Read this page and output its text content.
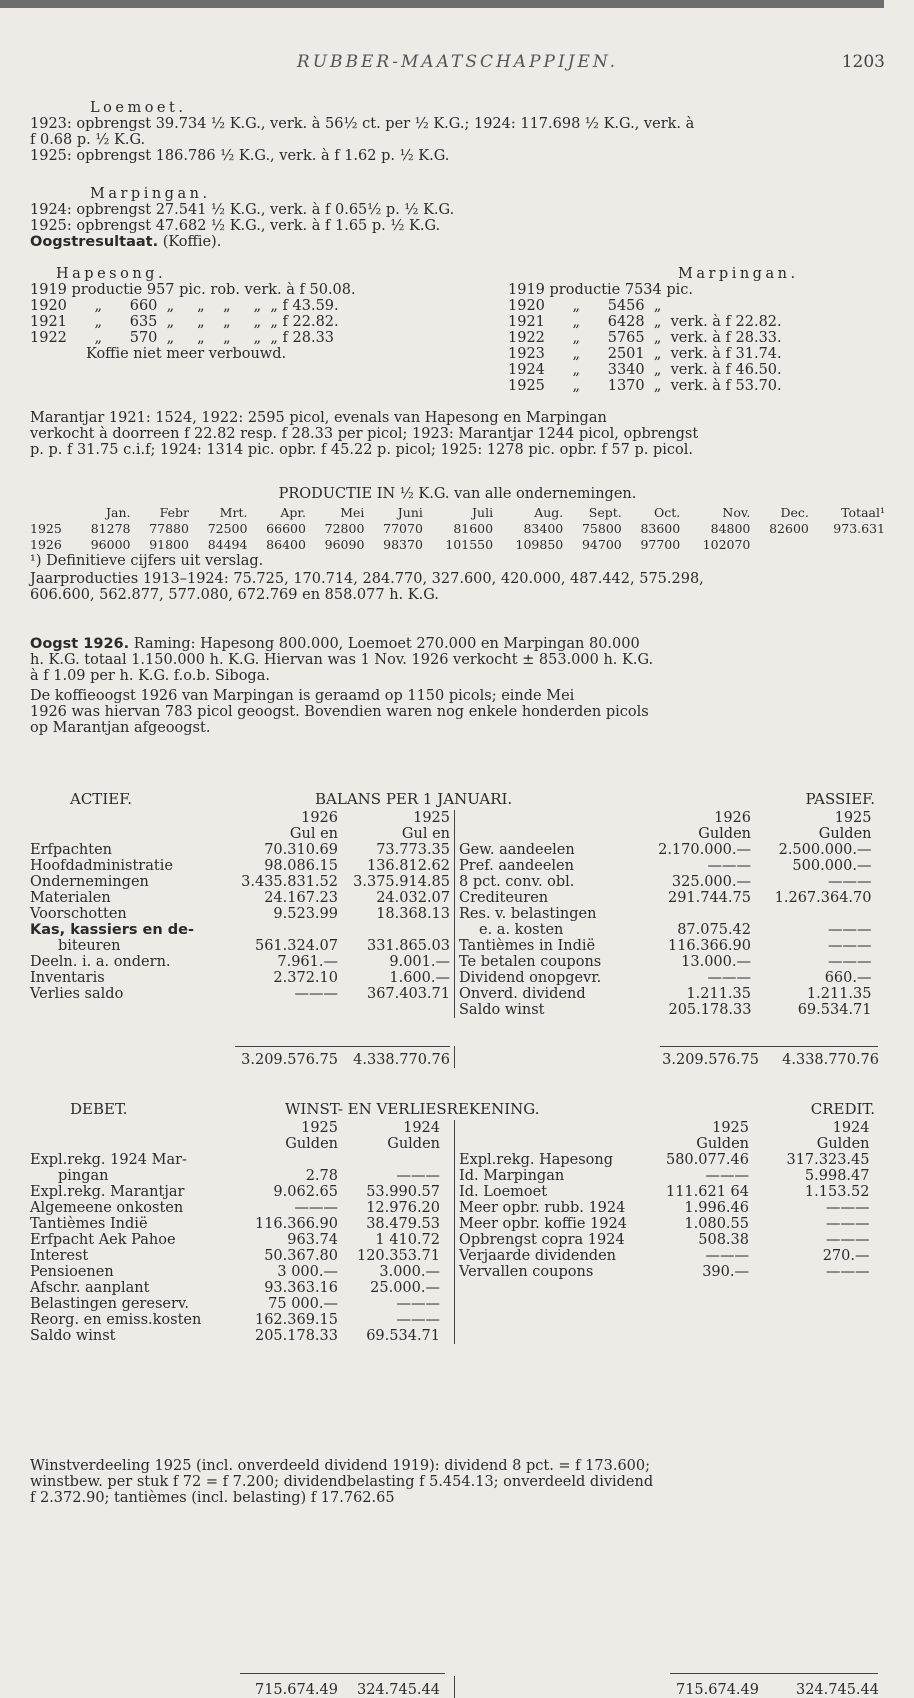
RUBBER-MAATSCHAPPIJEN.	1203
Loemoet.
1923: opbrengst 39.734 ½ K.G., verk. à 56½ ct. per ½ K.G.; 1924: 117.698 ½ K.G., verk. à
f 0.68 p. ½ K.G.
1925: opbrengst 186.786 ½ K.G., verk. à f 1.62 p. ½ K.G.
Marpingan.
1924: opbrengst 27.541 ½ K.G., verk. à f 0.65½ p. ½ K.G.
1925: opbrengst 47.682 ½ K.G., verk. à f 1.65 p. ½ K.G.
Oogstresultaat. (Koffie).
Hapesong.
1919 productie 957 pic. rob. verk. à f 50.08.
1920      „      660  „     „    „     „  „ f 43.59.
1921      „      635  „     „    „     „  „ f 22.82.
1922      „      570  „     „    „     „  „ f 28.33
Koffie niet meer verbouwd.
Marpingan.
1919 productie 7534 pic.
1920      „      5456  „
1921      „      6428  „  verk. à f 22.82.
1922      „      5765  „  verk. à f 28.33.
1923      „      2501  „  verk. à f 31.74.
1924      „      3340  „  verk. à f 46.50.
1925      „      1370  „  verk. à f 53.70.
Marantjar 1921: 1524, 1922: 2595 picol, evenals van Hapesong en Marpingan
verkocht à doorreen f 22.82 resp. f 28.33 per picol; 1923: Marantjar 1244 picol, opbrengst
p. p. f 31.75 c.i.f; 1924: 1314 pic. opbr. f 45.22 p. picol; 1925: 1278 pic. opbr. f 57 p. picol.
PRODUCTIE IN ½ K.G. van alle ondernemingen.
	Jan.	Febr	Mrt.	Apr.	Mei	Juni	Juli	Aug.	Sept.	Oct.	Nov.	Dec.	Totaal¹
1925	81278	77880	72500	66600	72800	77070	81600	83400	75800	83600	84800	82600	973.631
1926	96000	91800	84494	86400	96090	98370	101550	109850	94700	97700	102070		
¹) Definitieve cijfers uit verslag.
Jaarproducties 1913–1924: 75.725, 170.714, 284.770, 327.600, 420.000, 487.442, 575.298,
606.600, 562.877, 577.080, 672.769 en 858.077 h. K.G.
Oogst 1926. Raming: Hapesong 800.000, Loemoet 270.000 en Marpingan 80.000
h. K.G. totaal 1.150.000 h. K.G. Hiervan was 1 Nov. 1926 verkocht ± 853.000 h. K.G.
à f 1.09 per h. K.G. f.o.b. Siboga.
De koffieoogst 1926 van Marpingan is geraamd op 1150 picols; einde Mei
1926 was hiervan 783 picol geoogst. Bovendien waren nog enkele honderden picols
op Marantjan afgeoogst.
ACTIEF.	BALANS PER 1 JANUARI.	PASSIEF.
	1926	1925
	Gul en	Gul en
Erfpachten	70.310.69	73.773.35
Hoofdadministratie	98.086.15	136.812.62
Ondernemingen	3.435.831.52	3.375.914.85
Materialen	24.167.23	24.032.07
Voorschotten	9.523.99	18.368.13
Kas, kassiers en de-		
biteuren	561.324.07	331.865.03
Deeln. i. a. ondern.	7.961.—	9.001.—
Inventaris	2.372.10	1.600.—
Verlies saldo	———	367.403.71
	1926	1925
	Gulden	Gulden
Gew. aandeelen	2.170.000.—	2.500.000.—
Pref. aandeelen	———	500.000.—
8 pct. conv. obl.	325.000.—	———
Crediteuren	291.744.75	1.267.364.70
Res. v. belastingen		
e. a. kosten	87.075.42	———
Tantièmes in Indië	116.366.90	———
Te betalen coupons	13.000.—	———
Dividend onopgevr.	———	660.—
Onverd. dividend	1.211.35	1.211.35
Saldo winst	205.178.33	69.534.71
3.209.576.75 4.338.770.76	3.209.576.75 4.338.770.76
DEBET.	WINST- EN VERLIESREKENING.	CREDIT.
	1925	1924
	Gulden	Gulden
Expl.rekg. 1924 Mar-		
pingan	2.78	———
Expl.rekg. Marantjar	9.062.65	53.990.57
Algemeene onkosten	———	12.976.20
Tantièmes Indië	116.366.90	38.479.53
Erfpacht Aek Pahoe	963.74	1 410.72
Interest	50.367.80	120.353.71
Pensioenen	3 000.—	3.000.—
Afschr. aanplant	93.363.16	25.000.—
Belastingen gereserv.	75 000.—	———
Reorg. en emiss.kosten	162.369.15	———
Saldo winst	205.178.33	69.534.71
	1925	1924
	Gulden	Gulden
Expl.rekg. Hapesong	580.077.46	317.323.45
Id. Marpingan	———	5.998.47
Id. Loemoet	111.621 64	1.153.52
Meer opbr. rubb. 1924	1.996.46	———
Meer opbr. koffie 1924	1.080.55	———
Opbrengst copra 1924	508.38	———
Verjaarde dividenden	———	270.—
Vervallen coupons	390.—	———

715.674.49 324.745.44	715.674.49	324.745.44
Winstverdeeling 1925 (incl. onverdeeld dividend 1919): dividend 8 pct. = f 173.600;
winstbew. per stuk f 72 = f 7.200; dividendbelasting f 5.454.13; onverdeeld dividend
f 2.372.90; tantièmes (incl. belasting) f 17.762.65
